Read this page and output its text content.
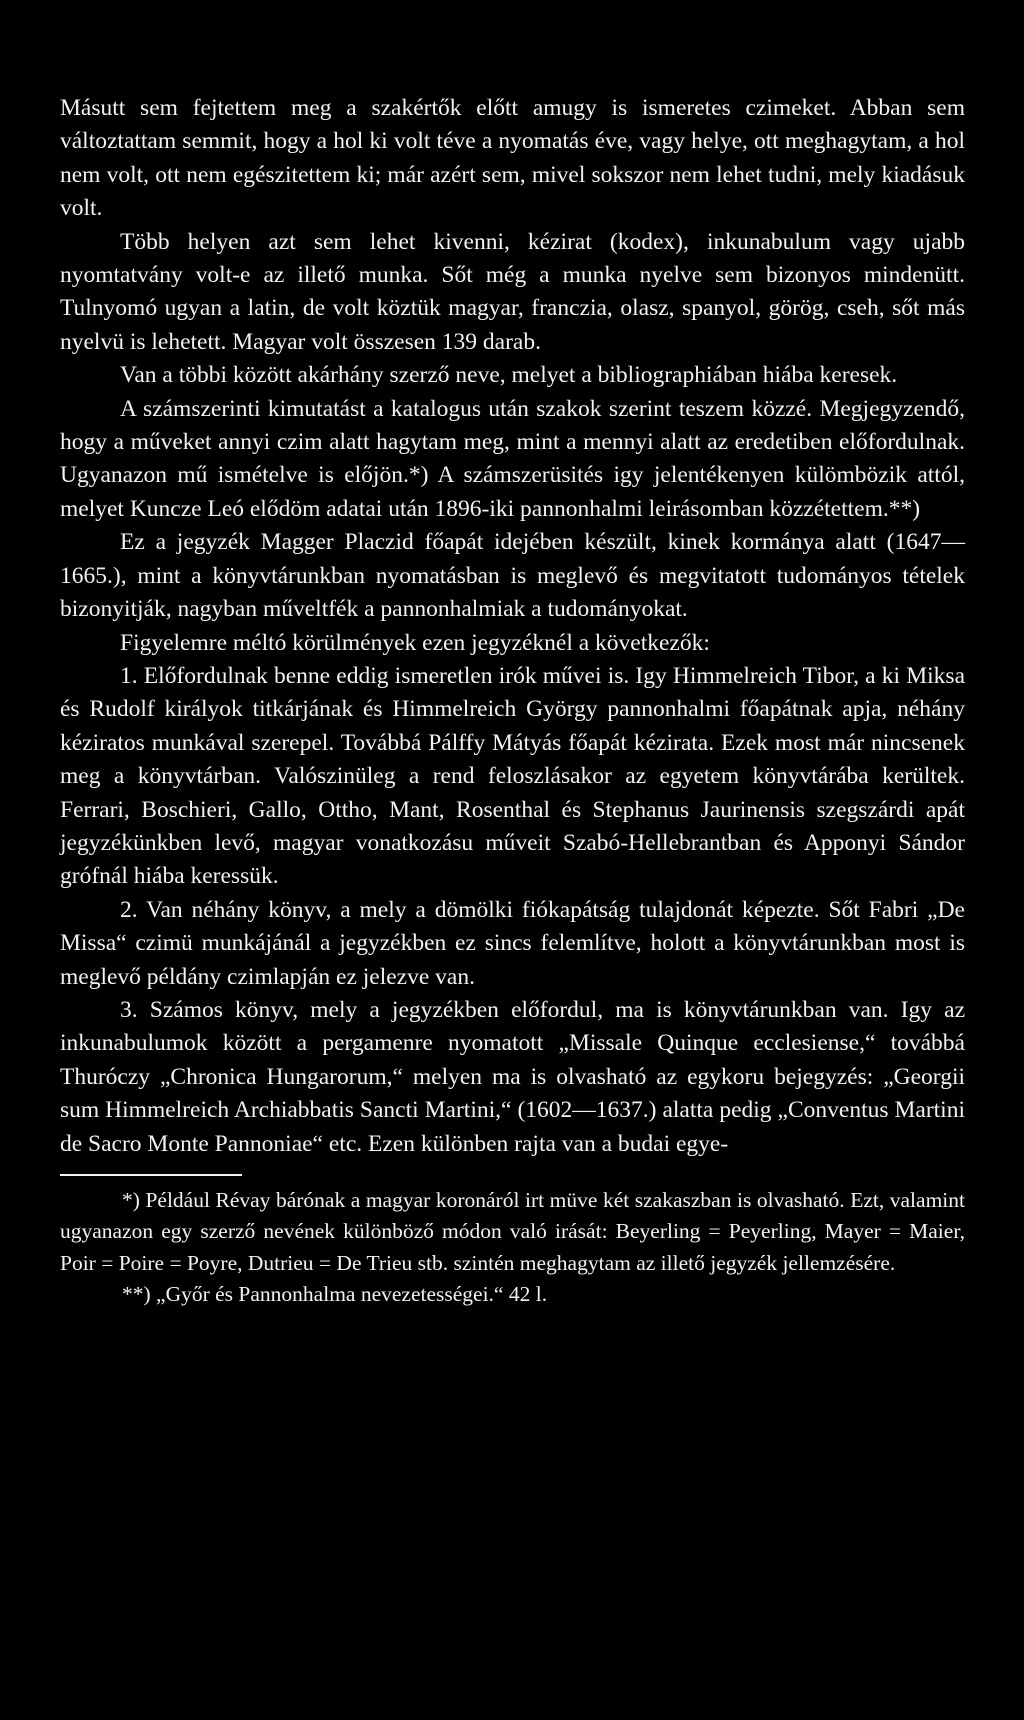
Másutt sem fejtettem meg a szakértők előtt amugy is ismeretes czimeket. Abban sem változtattam semmit, hogy a hol ki volt téve a nyomatás éve, vagy helye, ott meghagytam, a hol nem volt, ott nem egészitettem ki; már azért sem, mivel sokszor nem lehet tudni, mely kiadásuk volt.

Több helyen azt sem lehet kivenni, kézirat (kodex), inkunabulum vagy ujabb nyomtatvány volt-e az illető munka. Sőt még a munka nyelve sem bizonyos mindenütt. Tulnyomó ugyan a latin, de volt köztük magyar, franczia, olasz, spanyol, görög, cseh, sőt más nyelvü is lehetett. Magyar volt összesen 139 darab.

Van a többi között akárhány szerző neve, melyet a bibliographiában hiába keresek.

A számszerinti kimutatást a katalogus után szakok szerint teszem közzé. Megjegyzendő, hogy a műveket annyi czim alatt hagytam meg, mint a mennyi alatt az eredetiben előfordulnak. Ugyanazon mű ismételve is előjön.*) A számszerüsités igy jelentékenyen külömbözik attól, melyet Kuncze Leó elődöm adatai után 1896-iki pannonhalmi leirásomban közzétettem.**)

Ez a jegyzék Magger Placzid főapát idejében készült, kinek kormánya alatt (1647—1665.), mint a könyvtárunkban nyomatásban is meglevő és megvitatott tudományos tételek bizonyitják, nagyban műveltfék a pannonhalmiak a tudományokat.

Figyelemre méltó körülmények ezen jegyzéknél a következők:

1. Előfordulnak benne eddig ismeretlen irók művei is. Igy Himmelreich Tibor, a ki Miksa és Rudolf királyok titkárjának és Himmelreich György pannonhalmi főapátnak apja, néhány kéziratos munkával szerepel. Továbbá Pálffy Mátyás főapát kézirata. Ezek most már nincsenek meg a könyvtárban. Valószinüleg a rend feloszlásakor az egyetem könyvtárába kerültek. Ferrari, Boschieri, Gallo, Ottho, Mant, Rosenthal és Stephanus Jaurinensis szegszárdi apát jegyzékünkben levő, magyar vonatkozásu műveit Szabó-Hellebrantban és Apponyi Sándor grófnál hiába keressük.

2. Van néhány könyv, a mely a dömölki fiókapátság tulajdonát képezte. Sőt Fabri „De Missa“ czimü munkájánál a jegyzékben ez sincs felemlítve, holott a könyvtárunkban most is meglevő példány czimlapján ez jelezve van.

3. Számos könyv, mely a jegyzékben előfordul, ma is könyvtárunkban van. Igy az inkunabulumok között a pergamenre nyomatott „Missale Quinque ecclesiense,“ továbbá Thuróczy „Chronica Hungarorum,“ melyen ma is olvasható az egykoru bejegyzés: „Georgii sum Himmelreich Archiabbatis Sancti Martini,“ (1602—1637.) alatta pedig „Conventus Martini de Sacro Monte Pannoniae“ etc. Ezen különben rajta van a budai egye-

*) Például Révay bárónak a magyar koronáról irt müve két szakaszban is olvasható. Ezt, valamint ugyanazon egy szerző nevének különböző módon való irását: Beyerling = Peyerling, Mayer = Maier, Poir = Poire = Poyre, Dutrieu = De Trieu stb. szintén meghagytam az illető jegyzék jellemzésére.

**) „Győr és Pannonhalma nevezetességei.“ 42 l.
